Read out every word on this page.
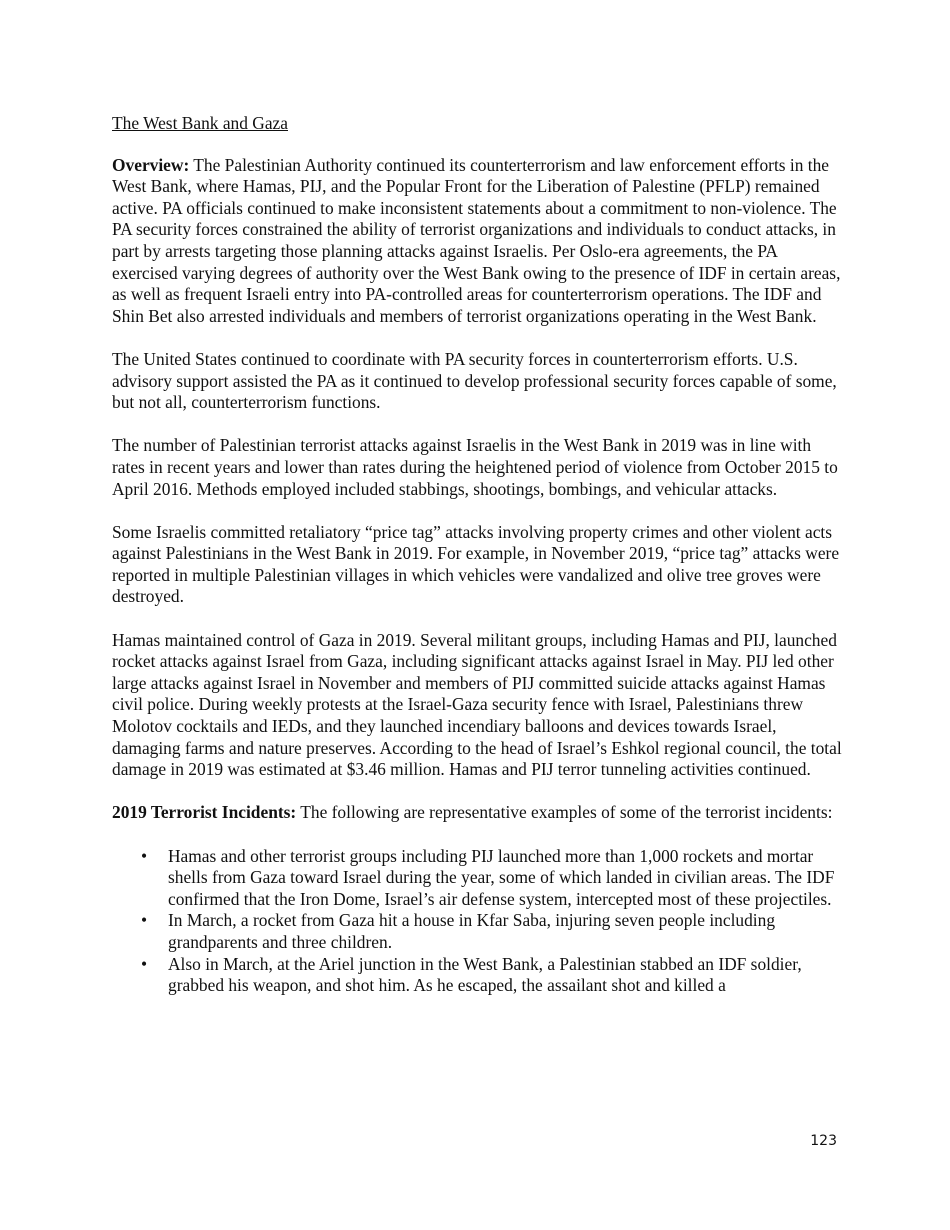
The West Bank and Gaza

Overview: The Palestinian Authority continued its counterterrorism and law enforcement efforts in the West Bank, where Hamas, PIJ, and the Popular Front for the Liberation of Palestine (PFLP) remained active. PA officials continued to make inconsistent statements about a commitment to non-violence. The PA security forces constrained the ability of terrorist organizations and individuals to conduct attacks, in part by arrests targeting those planning attacks against Israelis. Per Oslo-era agreements, the PA exercised varying degrees of authority over the West Bank owing to the presence of IDF in certain areas, as well as frequent Israeli entry into PA-controlled areas for counterterrorism operations. The IDF and Shin Bet also arrested individuals and members of terrorist organizations operating in the West Bank.

The United States continued to coordinate with PA security forces in counterterrorism efforts. U.S. advisory support assisted the PA as it continued to develop professional security forces capable of some, but not all, counterterrorism functions.

The number of Palestinian terrorist attacks against Israelis in the West Bank in 2019 was in line with rates in recent years and lower than rates during the heightened period of violence from October 2015 to April 2016. Methods employed included stabbings, shootings, bombings, and vehicular attacks.

Some Israelis committed retaliatory “price tag” attacks involving property crimes and other violent acts against Palestinians in the West Bank in 2019. For example, in November 2019, “price tag” attacks were reported in multiple Palestinian villages in which vehicles were vandalized and olive tree groves were destroyed.

Hamas maintained control of Gaza in 2019. Several militant groups, including Hamas and PIJ, launched rocket attacks against Israel from Gaza, including significant attacks against Israel in May. PIJ led other large attacks against Israel in November and members of PIJ committed suicide attacks against Hamas civil police. During weekly protests at the Israel-Gaza security fence with Israel, Palestinians threw Molotov cocktails and IEDs, and they launched incendiary balloons and devices towards Israel, damaging farms and nature preserves. According to the head of Israel’s Eshkol regional council, the total damage in 2019 was estimated at $3.46 million. Hamas and PIJ terror tunneling activities continued.

2019 Terrorist Incidents: The following are representative examples of some of the terrorist incidents:

• Hamas and other terrorist groups including PIJ launched more than 1,000 rockets and mortar shells from Gaza toward Israel during the year, some of which landed in civilian areas. The IDF confirmed that the Iron Dome, Israel’s air defense system, intercepted most of these projectiles.
• In March, a rocket from Gaza hit a house in Kfar Saba, injuring seven people including grandparents and three children.
• Also in March, at the Ariel junction in the West Bank, a Palestinian stabbed an IDF soldier, grabbed his weapon, and shot him. As he escaped, the assailant shot and killed a
123
